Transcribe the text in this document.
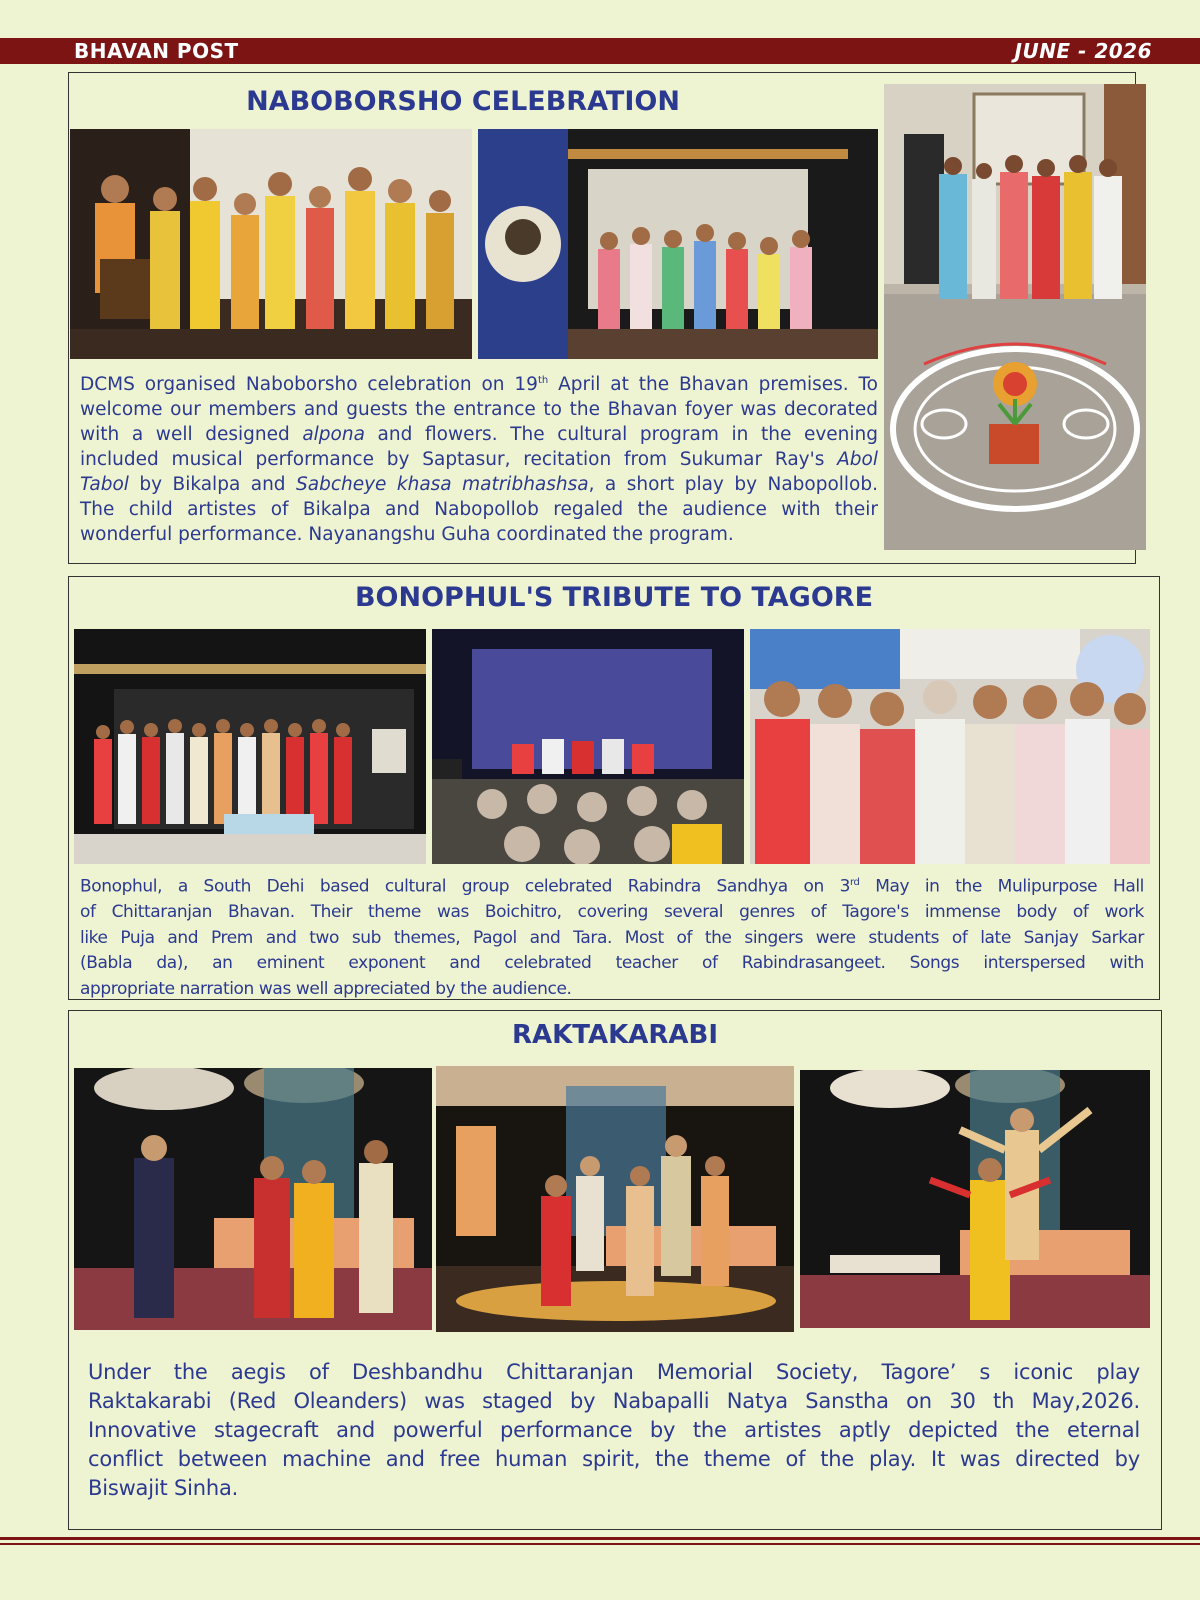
BHAVAN POST	JUNE - 2026
NABOBORSHO CELEBRATION
DCMS organised Naboborsho celebration on 19th April at the Bhavan premises. To
welcome our members and guests the entrance to the Bhavan foyer was decorated
with a well designed alpona and flowers. The cultural program in the evening
included musical performance by Saptasur, recitation from Sukumar Ray's Abol
Tabol by Bikalpa and Sabcheye khasa matribhashsa, a short play by Nabopollob.
The child artistes of Bikalpa and Nabopollob regaled the audience with their
wonderful performance. Nayanangshu Guha coordinated the program.
BONOPHUL'S TRIBUTE TO TAGORE
Bonophul, a South Dehi based cultural group celebrated Rabindra Sandhya on 3rd May in the Mulipurpose Hall
of Chittaranjan Bhavan. Their theme was Boichitro, covering several genres of Tagore's immense body of work
like Puja and Prem and two sub themes, Pagol and Tara. Most of the singers were students of late Sanjay Sarkar
(Babla da), an eminent exponent and celebrated teacher of Rabindrasangeet. Songs interspersed with
appropriate narration was well appreciated by the audience.
RAKTAKARABI
Under the aegis of Deshbandhu Chittaranjan Memorial Society, Tagore’ s iconic play
Raktakarabi (Red Oleanders) was staged by Nabapalli Natya Sanstha on 30 th May,2026.
Innovative stagecraft and powerful performance by the artistes aptly depicted the eternal
conflict between machine and free human spirit, the theme of the play. It was directed by
Biswajit Sinha.
